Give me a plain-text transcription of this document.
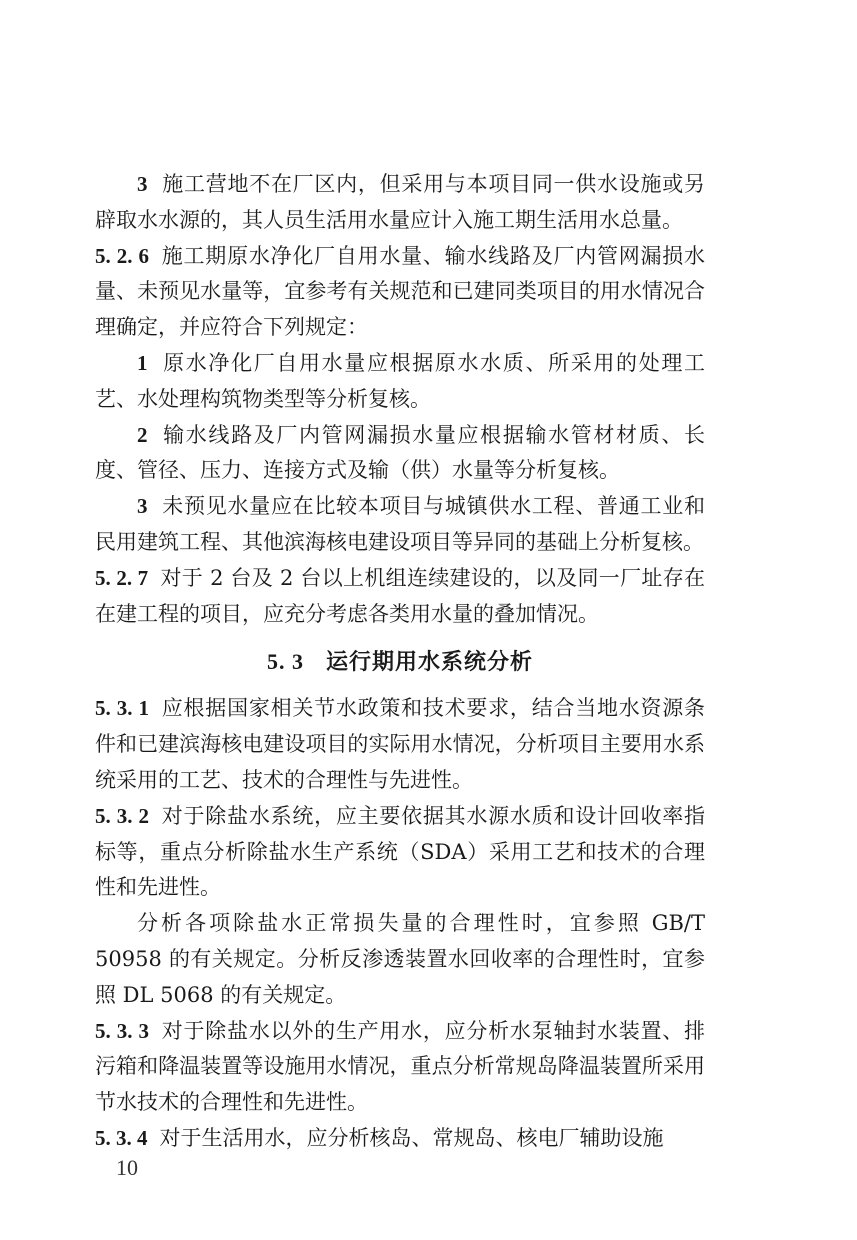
3 施工营地不在厂区内，但采用与本项目同一供水设施或另辟取水水源的，其人员生活用水量应计入施工期生活用水总量。

5. 2. 6 施工期原水净化厂自用水量、输水线路及厂内管网漏损水量、未预见水量等，宜参考有关规范和已建同类项目的用水情况合理确定，并应符合下列规定：

1 原水净化厂自用水量应根据原水水质、所采用的处理工艺、水处理构筑物类型等分析复核。

2 输水线路及厂内管网漏损水量应根据输水管材材质、长度、管径、压力、连接方式及输（供）水量等分析复核。

3 未预见水量应在比较本项目与城镇供水工程、普通工业和民用建筑工程、其他滨海核电建设项目等异同的基础上分析复核。

5. 2. 7 对于 2 台及 2 台以上机组连续建设的，以及同一厂址存在在建工程的项目，应充分考虑各类用水量的叠加情况。

5. 3 运行期用水系统分析

5. 3. 1 应根据国家相关节水政策和技术要求，结合当地水资源条件和已建滨海核电建设项目的实际用水情况，分析项目主要用水系统采用的工艺、技术的合理性与先进性。

5. 3. 2 对于除盐水系统，应主要依据其水源水质和设计回收率指标等，重点分析除盐水生产系统（SDA）采用工艺和技术的合理性和先进性。

分析各项除盐水正常损失量的合理性时，宜参照 GB/T 50958 的有关规定。分析反渗透装置水回收率的合理性时，宜参照 DL 5068 的有关规定。

5. 3. 3 对于除盐水以外的生产用水，应分析水泵轴封水装置、排污箱和降温装置等设施用水情况，重点分析常规岛降温装置所采用节水技术的合理性和先进性。

5. 3. 4 对于生活用水，应分析核岛、常规岛、核电厂辅助设施

10
